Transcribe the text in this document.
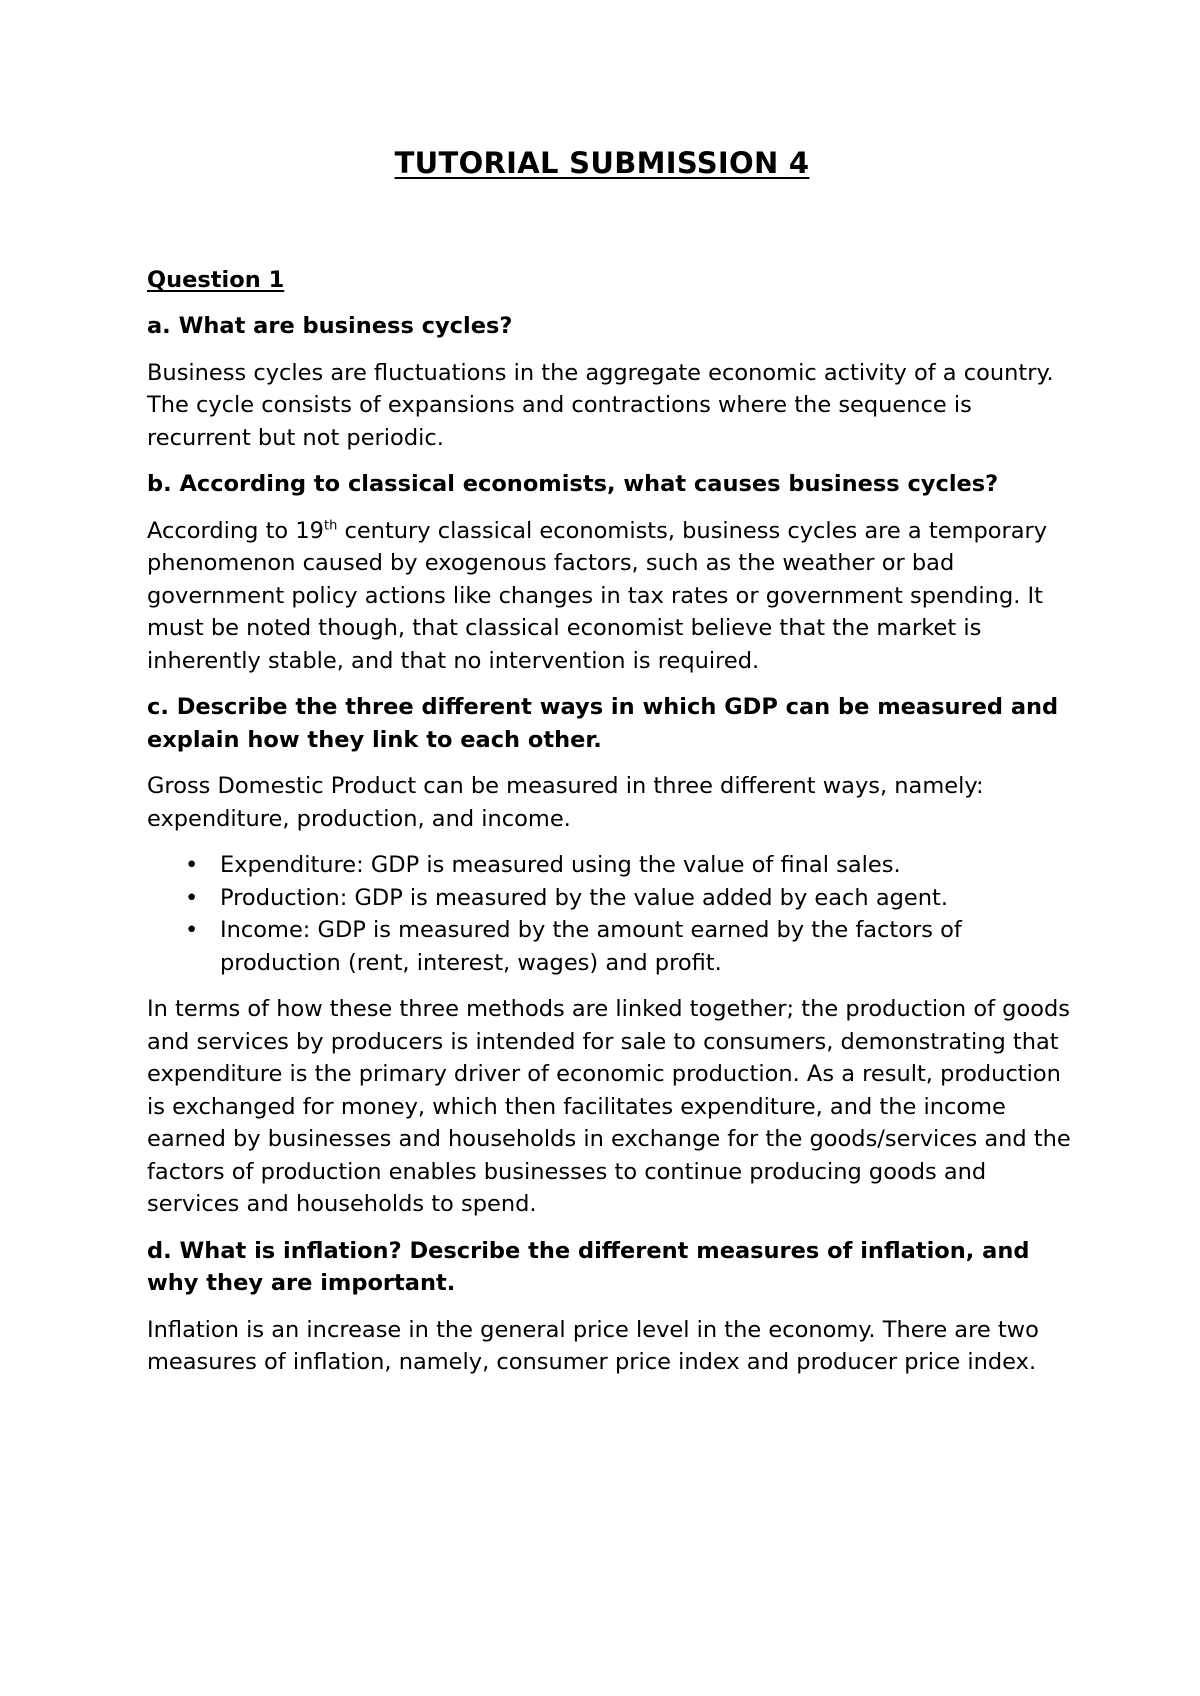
TUTORIAL SUBMISSION 4
Question 1
a. What are business cycles?

Business cycles are fluctuations in the aggregate economic activity of a country. The cycle consists of expansions and contractions where the sequence is recurrent but not periodic.

b. According to classical economists, what causes business cycles?

According to 19th century classical economists, business cycles are a temporary phenomenon caused by exogenous factors, such as the weather or bad government policy actions like changes in tax rates or government spending. It must be noted though, that classical economist believe that the market is inherently stable, and that no intervention is required.

c. Describe the three different ways in which GDP can be measured and explain how they link to each other.

Gross Domestic Product can be measured in three different ways, namely: expenditure, production, and income.

• Expenditure: GDP is measured using the value of final sales.
• Production: GDP is measured by the value added by each agent.
• Income: GDP is measured by the amount earned by the factors of production (rent, interest, wages) and profit.

In terms of how these three methods are linked together; the production of goods and services by producers is intended for sale to consumers, demonstrating that expenditure is the primary driver of economic production. As a result, production is exchanged for money, which then facilitates expenditure, and the income earned by businesses and households in exchange for the goods/services and the factors of production enables businesses to continue producing goods and services and households to spend.

d. What is inflation? Describe the different measures of inflation, and why they are important.

Inflation is an increase in the general price level in the economy. There are two measures of inflation, namely, consumer price index and producer price index.
